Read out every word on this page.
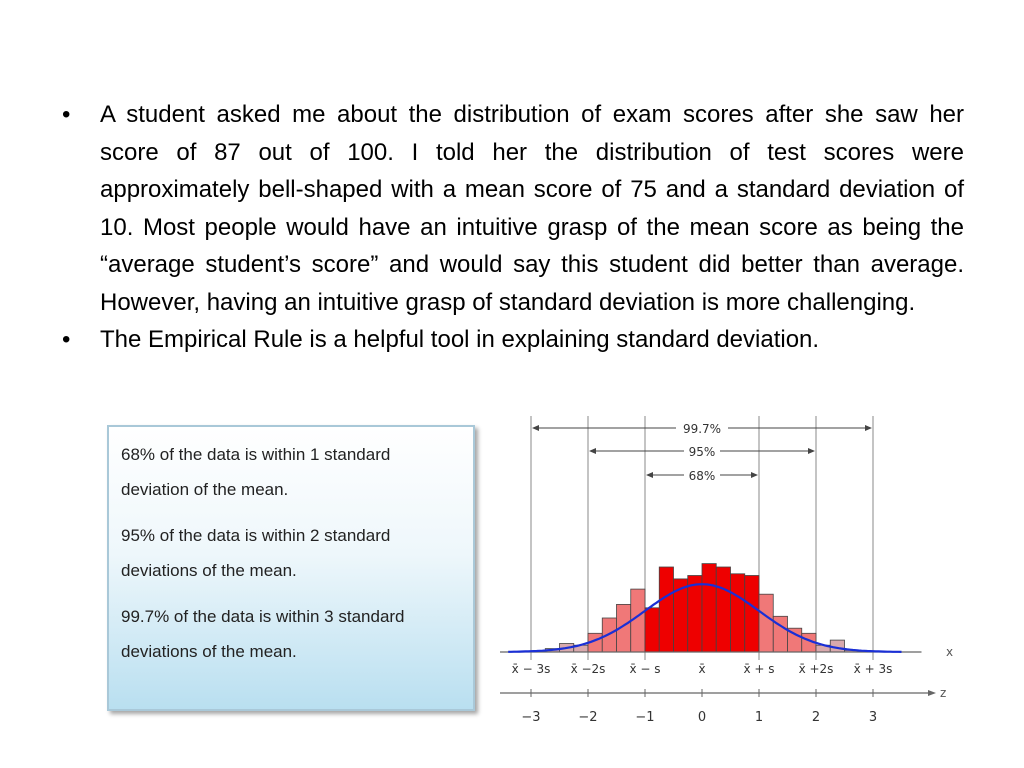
• A student asked me about the distribution of exam scores after she saw her score of 87 out of 100. I told her the distribution of test scores were approximately bell-shaped with a mean score of 75 and a standard deviation of 10. Most people would have an intuitive grasp of the mean score as being the “average student’s score” and would say this student did better than average. However, having an intuitive grasp of standard deviation is more challenging.
• The Empirical Rule is a helpful tool in explaining standard deviation.

68% of the data is within 1 standard deviation of the mean.

95% of the data is within 2 standard deviations of the mean.

99.7% of the data is within 3 standard deviations of the mean.

99.7%
95%
68%
x
x̄ − 3s x̄ −2s x̄ − s	x̄	x̄ + s x̄ +2s x̄ + 3s
z
−3	−2	−1	0	1	2	3
